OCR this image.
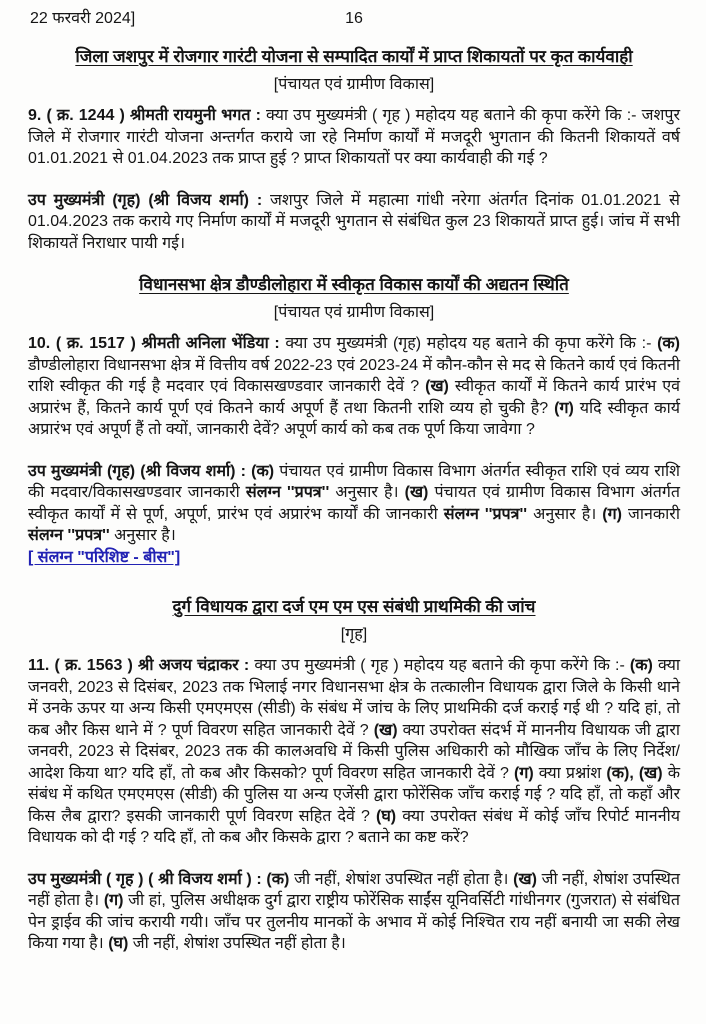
22 फरवरी 2024]	16
जिला जशपुर में रोजगार गारंटी योजना से सम्पादित कार्यों में प्राप्त शिकायतों पर कृत कार्यवाही
[पंचायत एवं ग्रामीण विकास]

9. ( क्र. 1244 ) श्रीमती रायमुनी भगत : क्या उप मुख्यमंत्री ( गृह ) महोदय यह बताने की कृपा करेंगे कि :- जशपुर जिले में रोजगार गारंटी योजना अन्तर्गत कराये जा रहे निर्माण कार्यों में मजदूरी भुगतान की कितनी शिकायतें वर्ष 01.01.2021 से 01.04.2023 तक प्राप्त हुई ? प्राप्त शिकायतों पर क्या कार्यवाही की गई ?

उप मुख्यमंत्री (गृह) (श्री विजय शर्मा) : जशपुर जिले में महात्मा गांधी नरेगा अंतर्गत दिनांक 01.01.2021 से 01.04.2023 तक कराये गए निर्माण कार्यों में मजदूरी भुगतान से संबंधित कुल 23 शिकायतें प्राप्त हुई। जांच में सभी शिकायतें निराधार पायी गई।

विधानसभा क्षेत्र डौण्डीलोहारा में स्वीकृत विकास कार्यों की अद्यतन स्थिति
[पंचायत एवं ग्रामीण विकास]

10. ( क्र. 1517 ) श्रीमती अनिला भेंडिया : क्या उप मुख्यमंत्री (गृह) महोदय यह बताने की कृपा करेंगे कि :- (क) डौण्डीलोहारा विधानसभा क्षेत्र में वित्तीय वर्ष 2022-23 एवं 2023-24 में कौन-कौन से मद से कितने कार्य एवं कितनी राशि स्वीकृत की गई है मदवार एवं विकासखण्डवार जानकारी देवें ? (ख) स्वीकृत कार्यों में कितने कार्य प्रारंभ एवं अप्रारंभ हैं, कितने कार्य पूर्ण एवं कितने कार्य अपूर्ण हैं तथा कितनी राशि व्यय हो चुकी है? (ग) यदि स्वीकृत कार्य अप्रारंभ एवं अपूर्ण हैं तो क्यों, जानकारी देवें? अपूर्ण कार्य को कब तक पूर्ण किया जावेगा ?

उप मुख्यमंत्री (गृह) (श्री विजय शर्मा) : (क) पंचायत एवं ग्रामीण विकास विभाग अंतर्गत स्वीकृत राशि एवं व्यय राशि की मदवार/विकासखण्डवार जानकारी संलग्न ''प्रपत्र'' अनुसार है। (ख) पंचायत एवं ग्रामीण विकास विभाग अंतर्गत स्वीकृत कार्यों में से पूर्ण, अपूर्ण, प्रारंभ एवं अप्रारंभ कार्यों की जानकारी संलग्न ''प्रपत्र'' अनुसार है। (ग) जानकारी संलग्न ''प्रपत्र'' अनुसार है।

[ संलग्न "परिशिष्ट - बीस"]
दुर्ग विधायक द्वारा दर्ज एम एम एस संबंधी प्राथमिकी की जांच
[गृह]

11. ( क्र. 1563 ) श्री अजय चंद्राकर : क्या उप मुख्यमंत्री ( गृह ) महोदय यह बताने की कृपा करेंगे कि :- (क) क्या जनवरी, 2023 से दिसंबर, 2023 तक भिलाई नगर विधानसभा क्षेत्र के तत्कालीन विधायक द्वारा जिले के किसी थाने में उनके ऊपर या अन्य किसी एमएमएस (सीडी) के संबंध में जांच के लिए प्राथमिकी दर्ज कराई गई थी ? यदि हां, तो कब और किस थाने में ? पूर्ण विवरण सहित जानकारी देवें ? (ख) क्या उपरोक्त संदर्भ में माननीय विधायक जी द्वारा जनवरी, 2023 से दिसंबर, 2023 तक की कालअवधि में किसी पुलिस अधिकारी को मौखिक जाँच के लिए निर्देश/आदेश किया था? यदि हाँ, तो कब और किसको? पूर्ण विवरण सहित जानकारी देवें ? (ग) क्या प्रश्नांश (क), (ख) के संबंध में कथित एमएमएस (सीडी) की पुलिस या अन्य एजेंसी द्वारा फोरेंसिक जाँच कराई गई ? यदि हाँ, तो कहाँ और किस लैब द्वारा? इसकी जानकारी पूर्ण विवरण सहित देवें ? (घ) क्या उपरोक्त संबंध में कोई जाँच रिपोर्ट माननीय विधायक को दी गई ? यदि हाँ, तो कब और किसके द्वारा ? बताने का कष्ट करें?

उप मुख्यमंत्री ( गृह ) ( श्री विजय शर्मा ) : (क) जी नहीं, शेषांश उपस्थित नहीं होता है। (ख) जी नहीं, शेषांश उपस्थित नहीं होता है। (ग) जी हां, पुलिस अधीक्षक दुर्ग द्वारा राष्ट्रीय फोरेंसिक साईंस यूनिवर्सिटी गांधीनगर (गुजरात) से संबंधित पेन ड्राईव की जांच करायी गयी। जाँच पर तुलनीय मानकों के अभाव में कोई निश्चित राय नहीं बनायी जा सकी लेख किया गया है। (घ) जी नहीं, शेषांश उपस्थित नहीं होता है।
